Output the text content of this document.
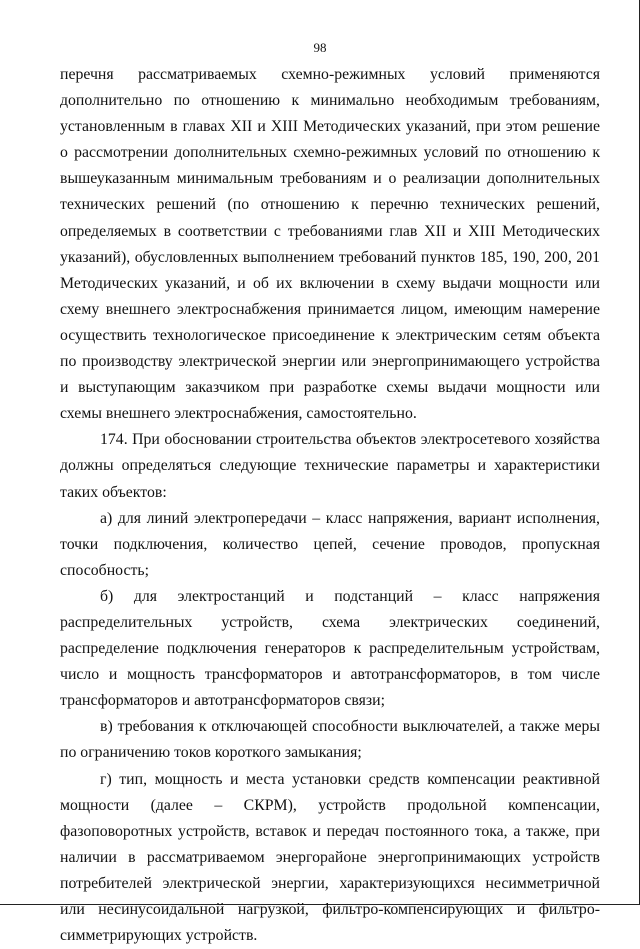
98

перечня рассматриваемых схемно-режимных условий применяются дополнительно по отношению к минимально необходимым требованиям, установленным в главах XII и XIII Методических указаний, при этом решение о рассмотрении дополнительных схемно-режимных условий по отношению к вышеуказанным минимальным требованиям и о реализации дополнительных технических решений (по отношению к перечню технических решений, определяемых в соответствии с требованиями глав XII и XIII Методических указаний), обусловленных выполнением требований пунктов 185, 190, 200, 201 Методических указаний, и об их включении в схему выдачи мощности или схему внешнего электроснабжения принимается лицом, имеющим намерение осуществить технологическое присоединение к электрическим сетям объекта по производству электрической энергии или энергопринимающего устройства и выступающим заказчиком при разработке схемы выдачи мощности или схемы внешнего электроснабжения, самостоятельно.

174. При обосновании строительства объектов электросетевого хозяйства должны определяться следующие технические параметры и характеристики таких объектов:

а) для линий электропередачи – класс напряжения, вариант исполнения, точки подключения, количество цепей, сечение проводов, пропускная способность;

б) для электростанций и подстанций – класс напряжения распределительных устройств, схема электрических соединений, распределение подключения генераторов к распределительным устройствам, число и мощность трансформаторов и автотрансформаторов, в том числе трансформаторов и автотрансформаторов связи;

в) требования к отключающей способности выключателей, а также меры по ограничению токов короткого замыкания;

г) тип, мощность и места установки средств компенсации реактивной мощности (далее – СКРМ), устройств продольной компенсации, фазоповоротных устройств, вставок и передач постоянного тока, а также, при наличии в рассматриваемом энергорайоне энергопринимающих устройств потребителей электрической энергии, характеризующихся несимметричной или несинусоидальной нагрузкой, фильтро-компенсирующих и фильтро-симметрирующих устройств.
